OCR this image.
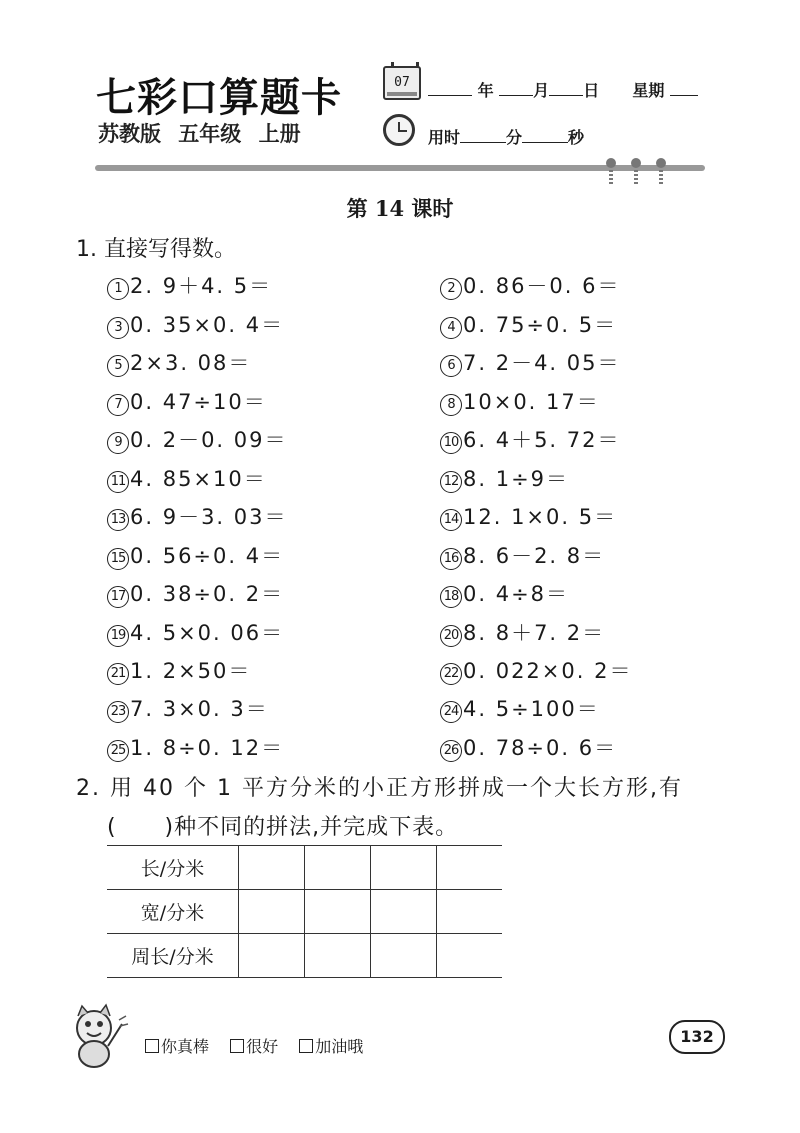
七彩口算题卡
苏教版 五年级 上册
07	年 月 日 星期
用时	分	秒
第 14 课时
1. 直接写得数。
1 2. 9＋4. 5＝	2 0. 86－0. 6＝
3 0. 35×0. 4＝	4 0. 75÷0. 5＝
5 2×3. 08＝	6 7. 2－4. 05＝
7 0. 47÷10＝	8 10×0. 17＝
9 0. 2－0. 09＝	10 6. 4＋5. 72＝
11 4. 85×10＝	12 8. 1÷9＝
13 6. 9－3. 03＝	14 12. 1×0. 5＝
15 0. 56÷0. 4＝	16 8. 6－2. 8＝
17 0. 38÷0. 2＝	18 0. 4÷8＝
19 4. 5×0. 06＝	20 8. 8＋7. 2＝
21 1. 2×50＝	22 0. 022×0. 2＝
23 7. 3×0. 3＝	24 4. 5÷100＝
25 1. 8÷0. 12＝	26 0. 78÷0. 6＝
2. 用 40 个 1 平方分米的小正方形拼成一个大长方形,有
(      )种不同的拼法,并完成下表。
长/分米				
宽/分米				
周长/分米				
你真棒 很好 加油哦
132
